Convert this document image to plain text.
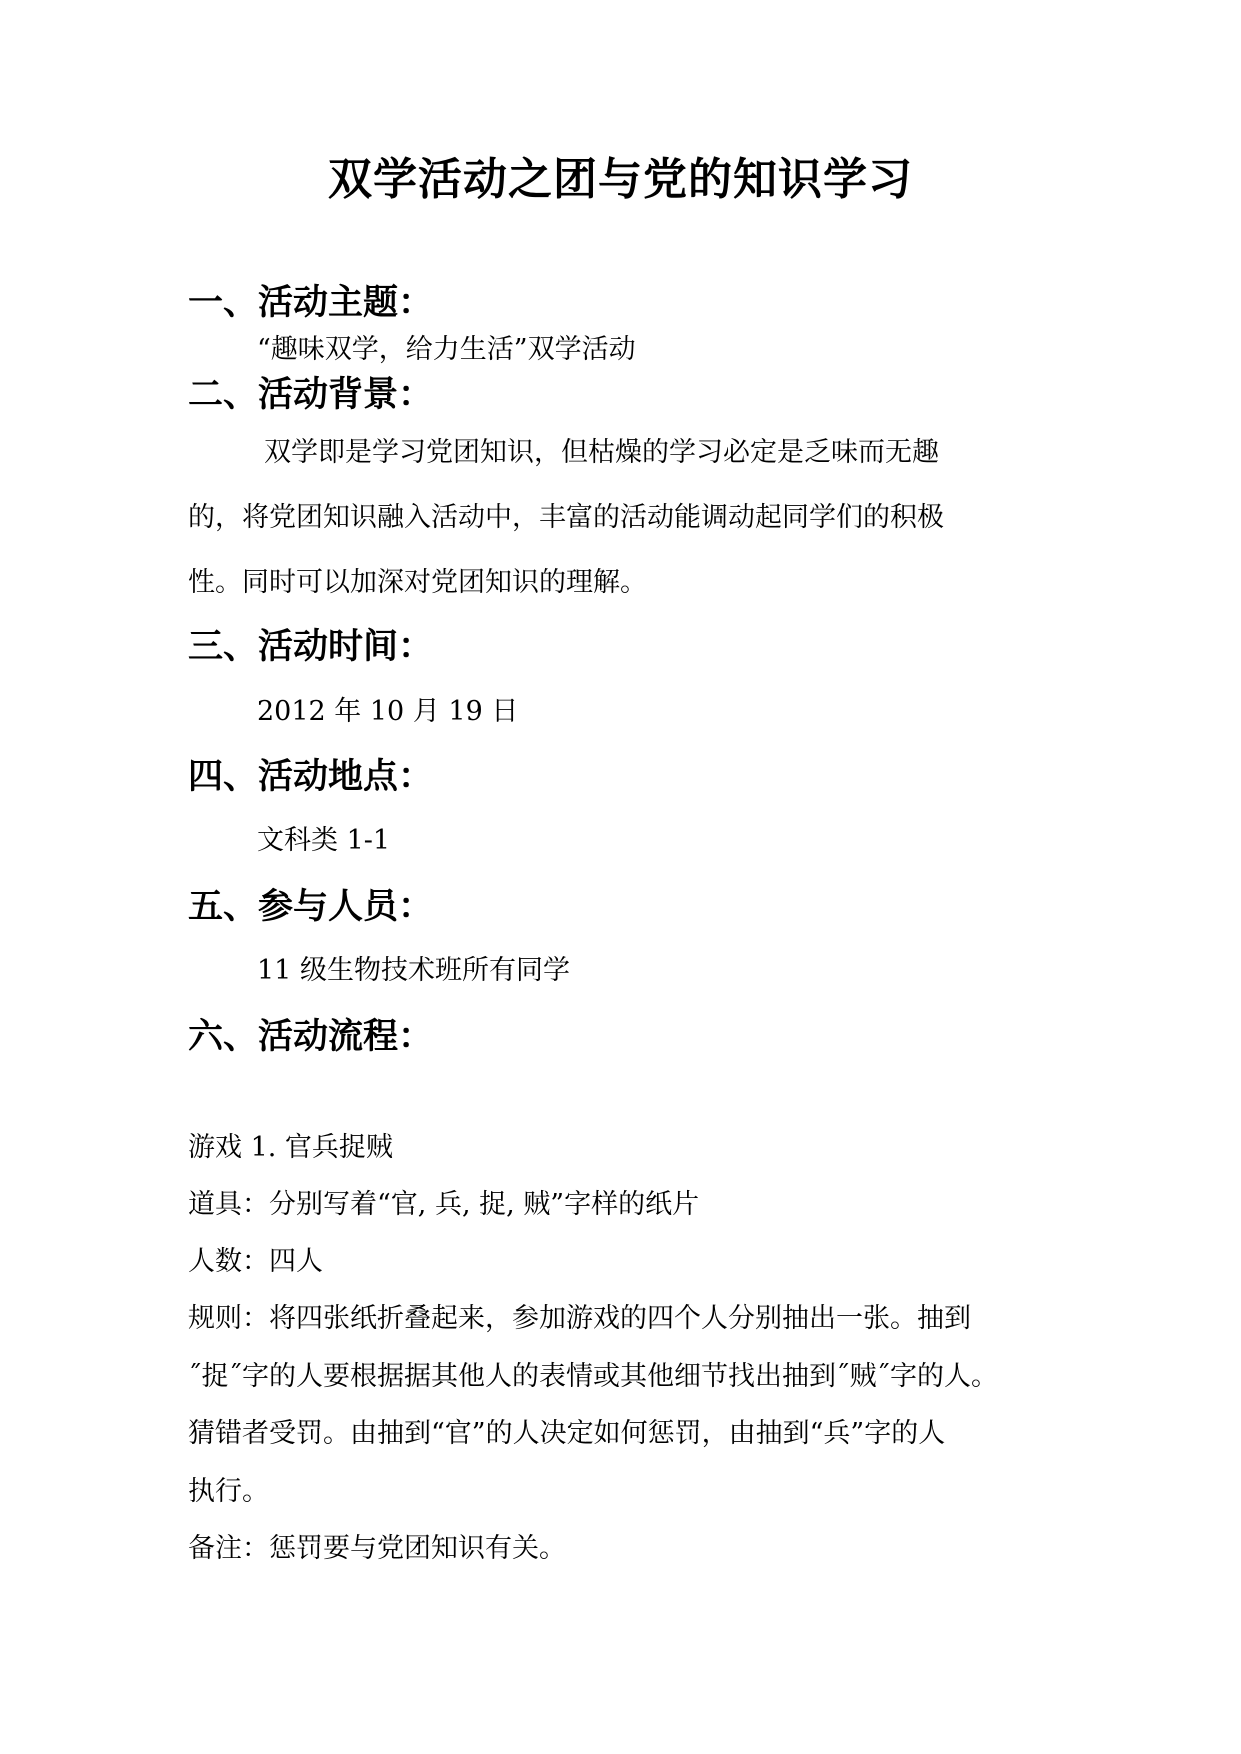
双学活动之团与党的知识学习
一、活动主题：
“趣味双学，给力生活”双学活动
二、活动背景：
双学即是学习党团知识，但枯燥的学习必定是乏味而无趣
的，将党团知识融入活动中，丰富的活动能调动起同学们的积极
性。同时可以加深对党团知识的理解。
三、活动时间：
2012 年 10 月 19 日
四、活动地点：
文科类 1-1
五、参与人员：
11 级生物技术班所有同学
六、活动流程：
游戏 1. 官兵捉贼
道具：分别写着“官, 兵, 捉, 贼”字样的纸片
人数：四人
规则：将四张纸折叠起来，参加游戏的四个人分别抽出一张。抽到
˝捉˝字的人要根据据其他人的表情或其他细节找出抽到˝贼˝字的人。
猜错者受罚。由抽到“官”的人决定如何惩罚，由抽到“兵”字的人
执行。
备注：惩罚要与党团知识有关。
